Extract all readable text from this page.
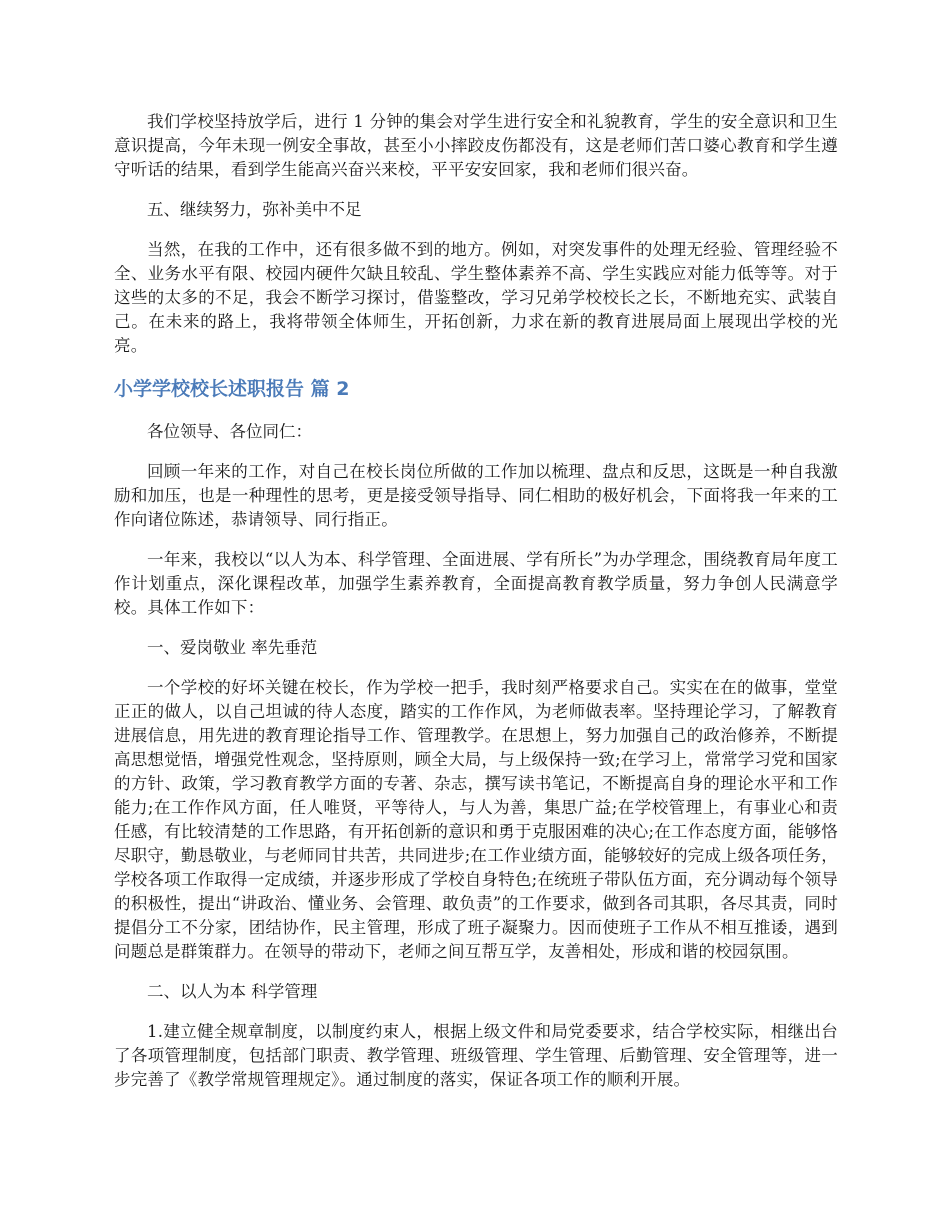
我们学校坚持放学后，进行 1 分钟的集会对学生进行安全和礼貌教育，学生的安全意识和卫生意识提高，今年未现一例安全事故，甚至小小摔跤皮伤都没有，这是老师们苦口婆心教育和学生遵守听话的结果，看到学生能高兴奋兴来校，平平安安回家，我和老师们很兴奋。

五、继续努力，弥补美中不足

当然，在我的工作中，还有很多做不到的地方。例如，对突发事件的处理无经验、管理经验不全、业务水平有限、校园内硬件欠缺且较乱、学生整体素养不高、学生实践应对能力低等等。对于这些的太多的不足，我会不断学习探讨，借鉴整改，学习兄弟学校校长之长，不断地充实、武装自己。在未来的路上，我将带领全体师生，开拓创新，力求在新的教育进展局面上展现出学校的光亮。

小学学校校长述职报告 篇 2

各位领导、各位同仁：

回顾一年来的工作，对自己在校长岗位所做的工作加以梳理、盘点和反思，这既是一种自我激励和加压，也是一种理性的思考，更是接受领导指导、同仁相助的极好机会，下面将我一年来的工作向诸位陈述，恭请领导、同行指正。

一年来，我校以“以人为本、科学管理、全面进展、学有所长”为办学理念，围绕教育局年度工作计划重点，深化课程改革，加强学生素养教育，全面提高教育教学质量，努力争创人民满意学校。具体工作如下：

一、爱岗敬业 率先垂范

一个学校的好坏关键在校长，作为学校一把手，我时刻严格要求自己。实实在在的做事，堂堂正正的做人，以自己坦诚的待人态度，踏实的工作作风，为老师做表率。坚持理论学习，了解教育进展信息，用先进的教育理论指导工作、管理教学。在思想上，努力加强自己的政治修养，不断提高思想觉悟，增强党性观念，坚持原则，顾全大局，与上级保持一致;在学习上，常常学习党和国家的方针、政策，学习教育教学方面的专著、杂志，撰写读书笔记，不断提高自身的理论水平和工作能力;在工作作风方面，任人唯贤，平等待人，与人为善，集思广益;在学校管理上，有事业心和责任感，有比较清楚的工作思路，有开拓创新的意识和勇于克服困难的决心;在工作态度方面，能够恪尽职守，勤恳敬业，与老师同甘共苦，共同进步;在工作业绩方面，能够较好的完成上级各项任务，学校各项工作取得一定成绩，并逐步形成了学校自身特色;在统班子带队伍方面，充分调动每个领导的积极性，提出“讲政治、懂业务、会管理、敢负责”的工作要求，做到各司其职，各尽其责，同时提倡分工不分家，团结协作，民主管理，形成了班子凝聚力。因而使班子工作从不相互推诿，遇到问题总是群策群力。在领导的带动下，老师之间互帮互学，友善相处，形成和谐的校园氛围。

二、以人为本 科学管理

1.建立健全规章制度，以制度约束人，根据上级文件和局党委要求，结合学校实际，相继出台了各项管理制度，包括部门职责、教学管理、班级管理、学生管理、后勤管理、安全管理等，进一步完善了《教学常规管理规定》。通过制度的落实，保证各项工作的顺利开展。
